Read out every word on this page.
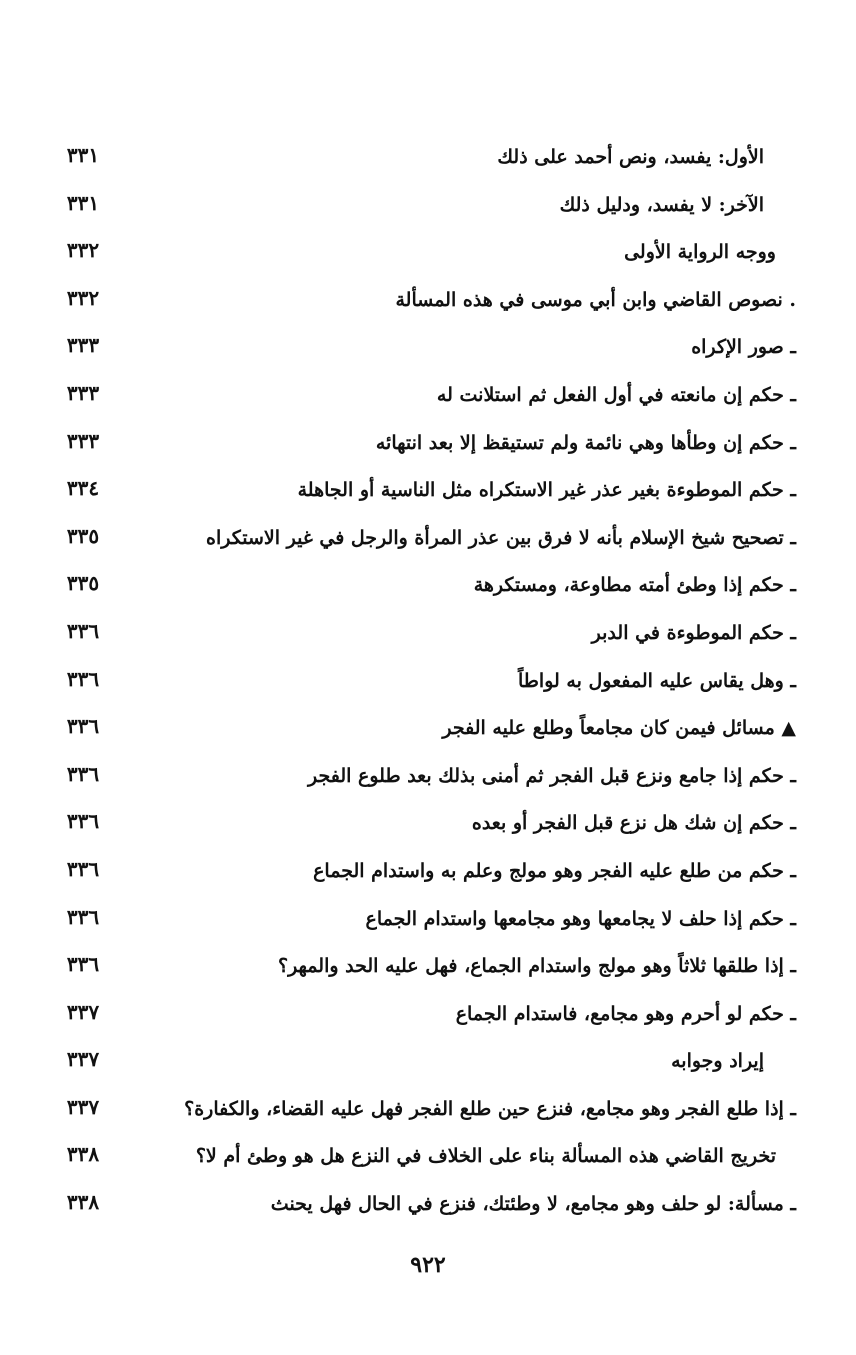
الأول: يفسد، ونص أحمد على ذلك
٣٣١
الآخر: لا يفسد، ودليل ذلك
٣٣١
ووجه الرواية الأولى
٣٣٢
. نصوص القاضي وابن أبي موسى في هذه المسألة
٣٣٢
ـ صور الإكراه
٣٣٣
ـ حكم إن مانعته في أول الفعل ثم استلانت له
٣٣٣
ـ حكم إن وطأها وهي نائمة ولم تستيقظ إلا بعد انتهائه
٣٣٣
ـ حكم الموطوءة بغير عذر غير الاستكراه مثل الناسية أو الجاهلة
٣٣٤
ـ تصحيح شيخ الإسلام بأنه لا فرق بين عذر المرأة والرجل في غير الاستكراه
٣٣٥
ـ حكم إذا وطئ أمته مطاوعة، ومستكرهة
٣٣٥
ـ حكم الموطوءة في الدبر
٣٣٦
ـ وهل يقاس عليه المفعول به لواطاً
٣٣٦
▲ مسائل فيمن كان مجامعاً وطلع عليه الفجر
٣٣٦
ـ حكم إذا جامع ونزع قبل الفجر ثم أمنى بذلك بعد طلوع الفجر
٣٣٦
ـ حكم إن شك هل نزع قبل الفجر أو بعده
٣٣٦
ـ حكم من طلع عليه الفجر وهو مولج وعلم به واستدام الجماع
٣٣٦
ـ حكم إذا حلف لا يجامعها وهو مجامعها واستدام الجماع
٣٣٦
ـ إذا طلقها ثلاثاً وهو مولج واستدام الجماع، فهل عليه الحد والمهر؟
٣٣٦
ـ حكم لو أحرم وهو مجامع، فاستدام الجماع
٣٣٧
إيراد وجوابه
٣٣٧
ـ إذا طلع الفجر وهو مجامع، فنزع حين طلع الفجر فهل عليه القضاء، والكفارة؟
٣٣٧
تخريج القاضي هذه المسألة بناء على الخلاف في النزع هل هو وطئ أم لا؟
٣٣٨
ـ مسألة: لو حلف وهو مجامع، لا وطئتك، فنزع في الحال فهل يحنث
٣٣٨
٩٢٢
